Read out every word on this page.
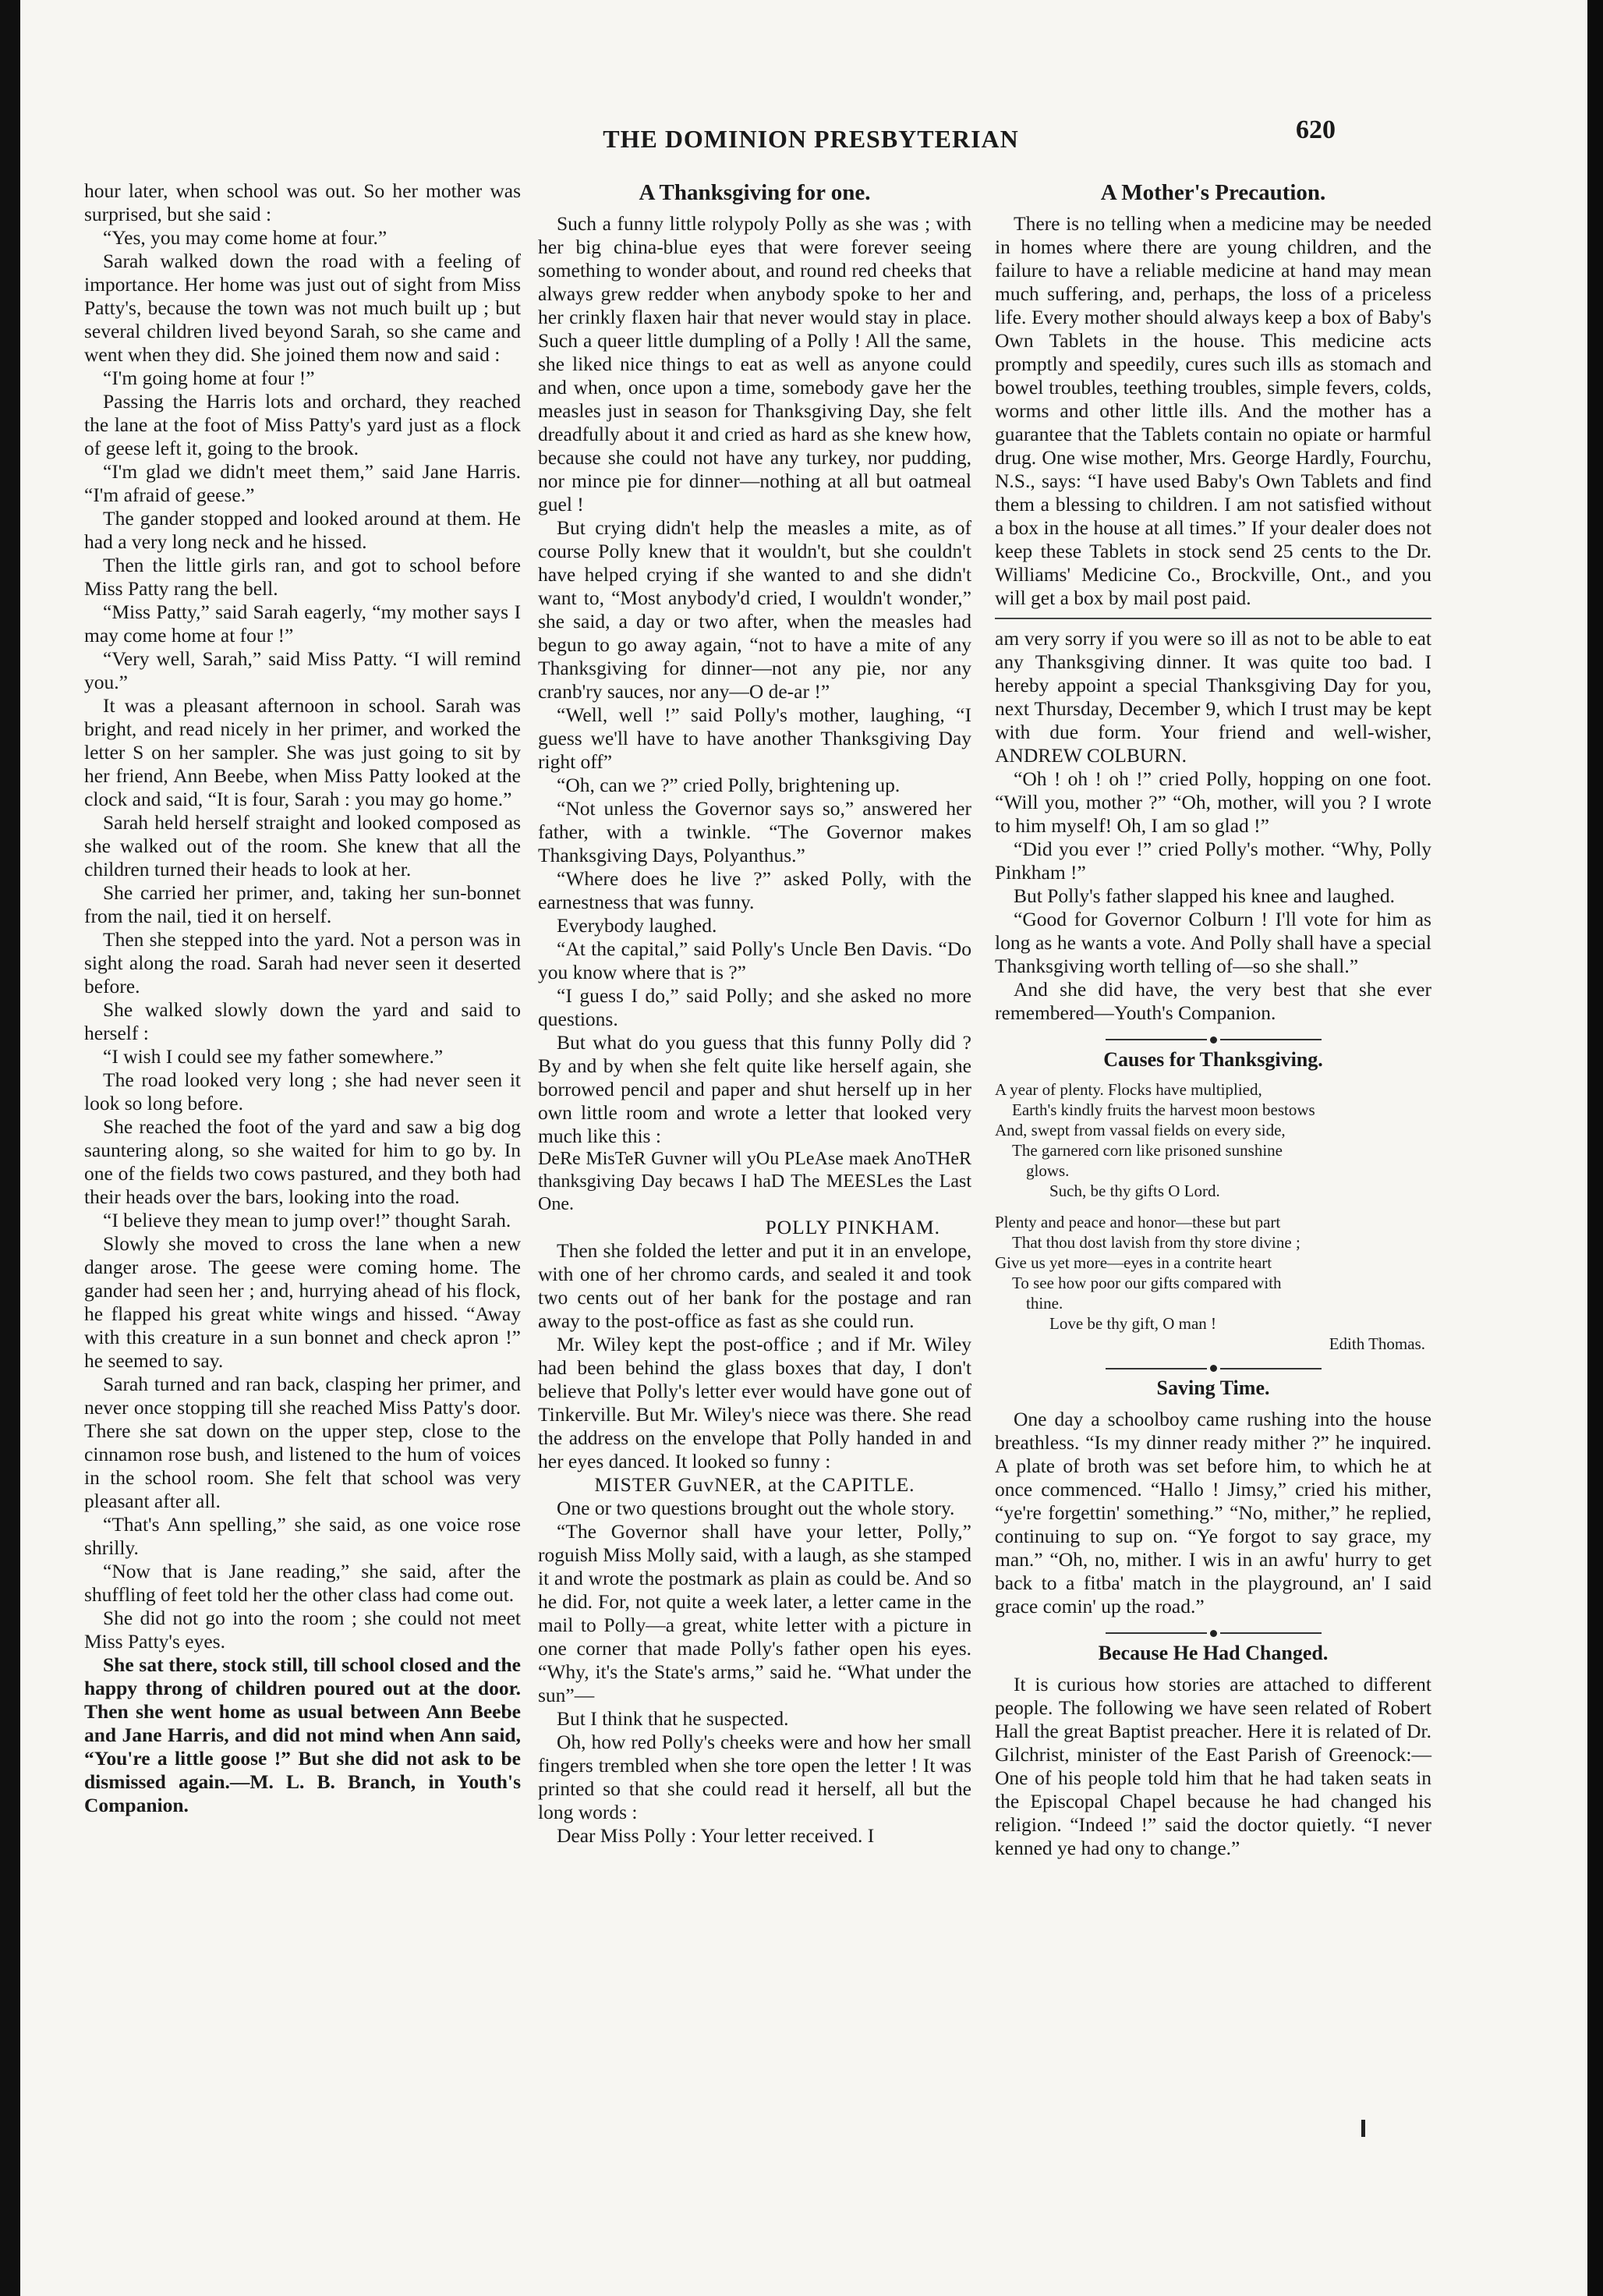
THE DOMINION PRESBYTERIAN	620

hour later, when school was out. So her mother was surprised, but she said :

“Yes, you may come home at four.”

Sarah walked down the road with a feeling of importance. Her home was just out of sight from Miss Patty's, because the town was not much built up ; but several children lived beyond Sarah, so she came and went when they did. She joined them now and said :

“I'm going home at four !”

Passing the Harris lots and orchard, they reached the lane at the foot of Miss Patty's yard just as a flock of geese left it, going to the brook.

“I'm glad we didn't meet them,” said Jane Harris. “I'm afraid of geese.”

The gander stopped and looked around at them. He had a very long neck and he hissed.

Then the little girls ran, and got to school before Miss Patty rang the bell.

“Miss Patty,” said Sarah eagerly, “my mother says I may come home at four !”

“Very well, Sarah,” said Miss Patty. “I will remind you.”

It was a pleasant afternoon in school. Sarah was bright, and read nicely in her primer, and worked the letter S on her sampler. She was just going to sit by her friend, Ann Beebe, when Miss Patty looked at the clock and said, “It is four, Sarah : you may go home.”

Sarah held herself straight and looked composed as she walked out of the room. She knew that all the children turned their heads to look at her.

She carried her primer, and, taking her sun-bonnet from the nail, tied it on herself.

Then she stepped into the yard. Not a person was in sight along the road. Sarah had never seen it deserted before.

She walked slowly down the yard and said to herself :

“I wish I could see my father somewhere.”

The road looked very long ; she had never seen it look so long before.

She reached the foot of the yard and saw a big dog sauntering along, so she waited for him to go by. In one of the fields two cows pastured, and they both had their heads over the bars, looking into the road.

“I believe they mean to jump over!” thought Sarah.

Slowly she moved to cross the lane when a new danger arose. The geese were coming home. The gander had seen her ; and, hurrying ahead of his flock, he flapped his great white wings and hissed. “Away with this creature in a sun bonnet and check apron !” he seemed to say.

Sarah turned and ran back, clasping her primer, and never once stopping till she reached Miss Patty's door. There she sat down on the upper step, close to the cinnamon rose bush, and listened to the hum of voices in the school room. She felt that school was very pleasant after all.

“That's Ann spelling,” she said, as one voice rose shrilly.

“Now that is Jane reading,” she said, after the shuffling of feet told her the other class had come out.

She did not go into the room ; she could not meet Miss Patty's eyes.

She sat there, stock still, till school closed and the happy throng of children poured out at the door. Then she went home as usual between Ann Beebe and Jane Harris, and did not mind when Ann said, “You're a little goose !” But she did not ask to be dismissed again.—M. L. B. Branch, in Youth's Companion.

A Thanksgiving for one.

Such a funny little rolypoly Polly as she was ; with her big china-blue eyes that were forever seeing something to wonder about, and round red cheeks that always grew redder when anybody spoke to her and her crinkly flaxen hair that never would stay in place. Such a queer little dumpling of a Polly ! All the same, she liked nice things to eat as well as anyone could and when, once upon a time, somebody gave her the measles just in season for Thanksgiving Day, she felt dreadfully about it and cried as hard as she knew how, because she could not have any turkey, nor pudding, nor mince pie for dinner—nothing at all but oatmeal guel !

But crying didn't help the measles a mite, as of course Polly knew that it wouldn't, but she couldn't have helped crying if she wanted to and she didn't want to, “Most anybody'd cried, I wouldn't wonder,” she said, a day or two after, when the measles had begun to go away again, “not to have a mite of any Thanksgiving for dinner—not any pie, nor any cranb'ry sauces, nor any—O de-ar !”

“Well, well !” said Polly's mother, laughing, “I guess we'll have to have another Thanksgiving Day right off”

“Oh, can we ?” cried Polly, brightening up.

“Not unless the Governor says so,” answered her father, with a twinkle. “The Governor makes Thanksgiving Days, Polyanthus.”

“Where does he live ?” asked Polly, with the earnestness that was funny.

Everybody laughed.

“At the capital,” said Polly's Uncle Ben Davis. “Do you know where that is ?”

“I guess I do,” said Polly; and she asked no more questions.

But what do you guess that this funny Polly did ? By and by when she felt quite like herself again, she borrowed pencil and paper and shut herself up in her own little room and wrote a letter that looked very much like this :

DeRe MisTeR Guvner will yOu PLeAse maek AnoTHeR thanksgiving Day becaws I haD The MEESLes the Last One.

POLLY PINKHAM.

Then she folded the letter and put it in an envelope, with one of her chromo cards, and sealed it and took two cents out of her bank for the postage and ran away to the post-office as fast as she could run.

Mr. Wiley kept the post-office ; and if Mr. Wiley had been behind the glass boxes that day, I don't believe that Polly's letter ever would have gone out of Tinkerville. But Mr. Wiley's niece was there. She read the address on the envelope that Polly handed in and her eyes danced. It looked so funny :

MISTER GuvNER, at the CAPITLE.

One or two questions brought out the whole story.

“The Governor shall have your letter, Polly,” roguish Miss Molly said, with a laugh, as she stamped it and wrote the postmark as plain as could be. And so he did. For, not quite a week later, a letter came in the mail to Polly—a great, white letter with a picture in one corner that made Polly's father open his eyes. “Why, it's the State's arms,” said he. “What under the sun”—

But I think that he suspected.

Oh, how red Polly's cheeks were and how her small fingers trembled when she tore open the letter ! It was printed so that she could read it herself, all but the long words :

Dear Miss Polly : Your letter received. I

A Mother's Precaution.

There is no telling when a medicine may be needed in homes where there are young children, and the failure to have a reliable medicine at hand may mean much suffering, and, perhaps, the loss of a priceless life. Every mother should always keep a box of Baby's Own Tablets in the house. This medicine acts promptly and speedily, cures such ills as stomach and bowel troubles, teething troubles, simple fevers, colds, worms and other little ills. And the mother has a guarantee that the Tablets contain no opiate or harmful drug. One wise mother, Mrs. George Hardly, Fourchu, N.S., says: “I have used Baby's Own Tablets and find them a blessing to children. I am not satisfied without a box in the house at all times.” If your dealer does not keep these Tablets in stock send 25 cents to the Dr. Williams' Medicine Co., Brockville, Ont., and you will get a box by mail post paid.

am very sorry if you were so ill as not to be able to eat any Thanksgiving dinner. It was quite too bad. I hereby appoint a special Thanksgiving Day for you, next Thursday, December 9, which I trust may be kept with due form. Your friend and well-wisher, ANDREW COLBURN.

“Oh ! oh ! oh !” cried Polly, hopping on one foot. “Will you, mother ?” “Oh, mother, will you ? I wrote to him myself! Oh, I am so glad !”

“Did you ever !” cried Polly's mother. “Why, Polly Pinkham !”

But Polly's father slapped his knee and laughed.

“Good for Governor Colburn ! I'll vote for him as long as he wants a vote. And Polly shall have a special Thanksgiving worth telling of—so she shall.”

And she did have, the very best that she ever remembered—Youth's Companion.

Causes for Thanksgiving.
A year of plenty. Flocks have multiplied,
Earth's kindly fruits the harvest moon bestows
And, swept from vassal fields on every side,
The garnered corn like prisoned sunshine
glows.
Such, be thy gifts O Lord.
Plenty and peace and honor—these but part
That thou dost lavish from thy store divine ;
Give us yet more—eyes in a contrite heart
To see how poor our gifts compared with
thine.
Love be thy gift, O man !
Edith Thomas.
Saving Time.

One day a schoolboy came rushing into the house breathless. “Is my dinner ready mither ?” he inquired. A plate of broth was set before him, to which he at once commenced. “Hallo ! Jimsy,” cried his mither, “ye're forgettin' something.” “No, mither,” he replied, continuing to sup on. “Ye forgot to say grace, my man.” “Oh, no, mither. I wis in an awfu' hurry to get back to a fitba' match in the playground, an' I said grace comin' up the road.”

Because He Had Changed.

It is curious how stories are attached to different people. The following we have seen related of Robert Hall the great Baptist preacher. Here it is related of Dr. Gilchrist, minister of the East Parish of Greenock:—One of his people told him that he had taken seats in the Episcopal Chapel because he had changed his religion. “Indeed !” said the doctor quietly. “I never kenned ye had ony to change.”
